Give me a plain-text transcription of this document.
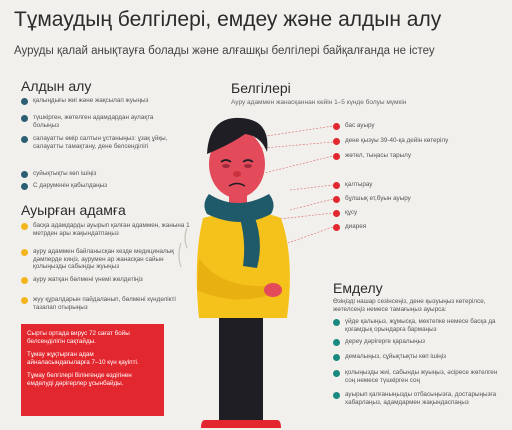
Тұмаудың белгілері, емдеу және алдын алу
Ауруды қалай анықтауға болады және алғашқы белгілері байқалғанда не істеу
Алдын алу
қалыңдығы жиі және жақсылап жуыңыз
түшкірген, жөтелген адамдардан аулақта болыңыз
салауатты өмір салтын ұстаныңыз: ұзақ ұйқы, салауатты тамақтану, дене белсенділігі
суйықтықты көп ішіңіз
С дәруменін қабылдаңыз
Ауырған адамға
басқа адамдарды ауырып қалған адаммен, жанына 1 метрден ары жақындатпаңыз
ауру адаммен байланысқан кезде медициналық дәмперде киңіз, аурумен ар жанасқан сайын қолыңызды сабынды жуыңыз
ауру жатқан бөлмені үнемі желдетіңіз
жуу құралдарын пайдаланып, бөлмені күнделікті тазалап отырыңыз

Сырты ортада вирус 72 сағат бойы белсенділігін сақтайды.

Тұмау жұқтырған адам айналасындағыларға 7–10 күн қауіпті.

Тұмау белгілері білінгенде өздігінен емделуді дәрігерлер ұсынбайды.

Белгілері
Ауру адаммен жанасқаннан кейін 1–5 күнде болуы мүмкін
бас ауыру
дене қызуы 39-40-қа дейін көтерілу
жөтел, тыңасы тарылу
қалтырау
бұлшық ет,буын ауыру
құсу
диарея
Емделу
Өзіңізді нашар сезінсеңіз, дене қызуыңыз көтерілсе, жөтелсеңіз немесе тамағыңыз ауырса:
үйде қалыңыз, жұмысқа, мектепке немесе басқа да қоғамдық орындарға бармаңыз
дереу дәрігерге қаралыңыз
демалыңыз, сұйықтықты көп ішіңіз
қолыңызды жиі, сабынды жуыңыз, әсіресе жөтелген соң немесе түшкірген соң
ауырып қалғаныңызды отбасыңызға, достарыңызға хабарлаңыз, адамдармен жақындаспаңыз
